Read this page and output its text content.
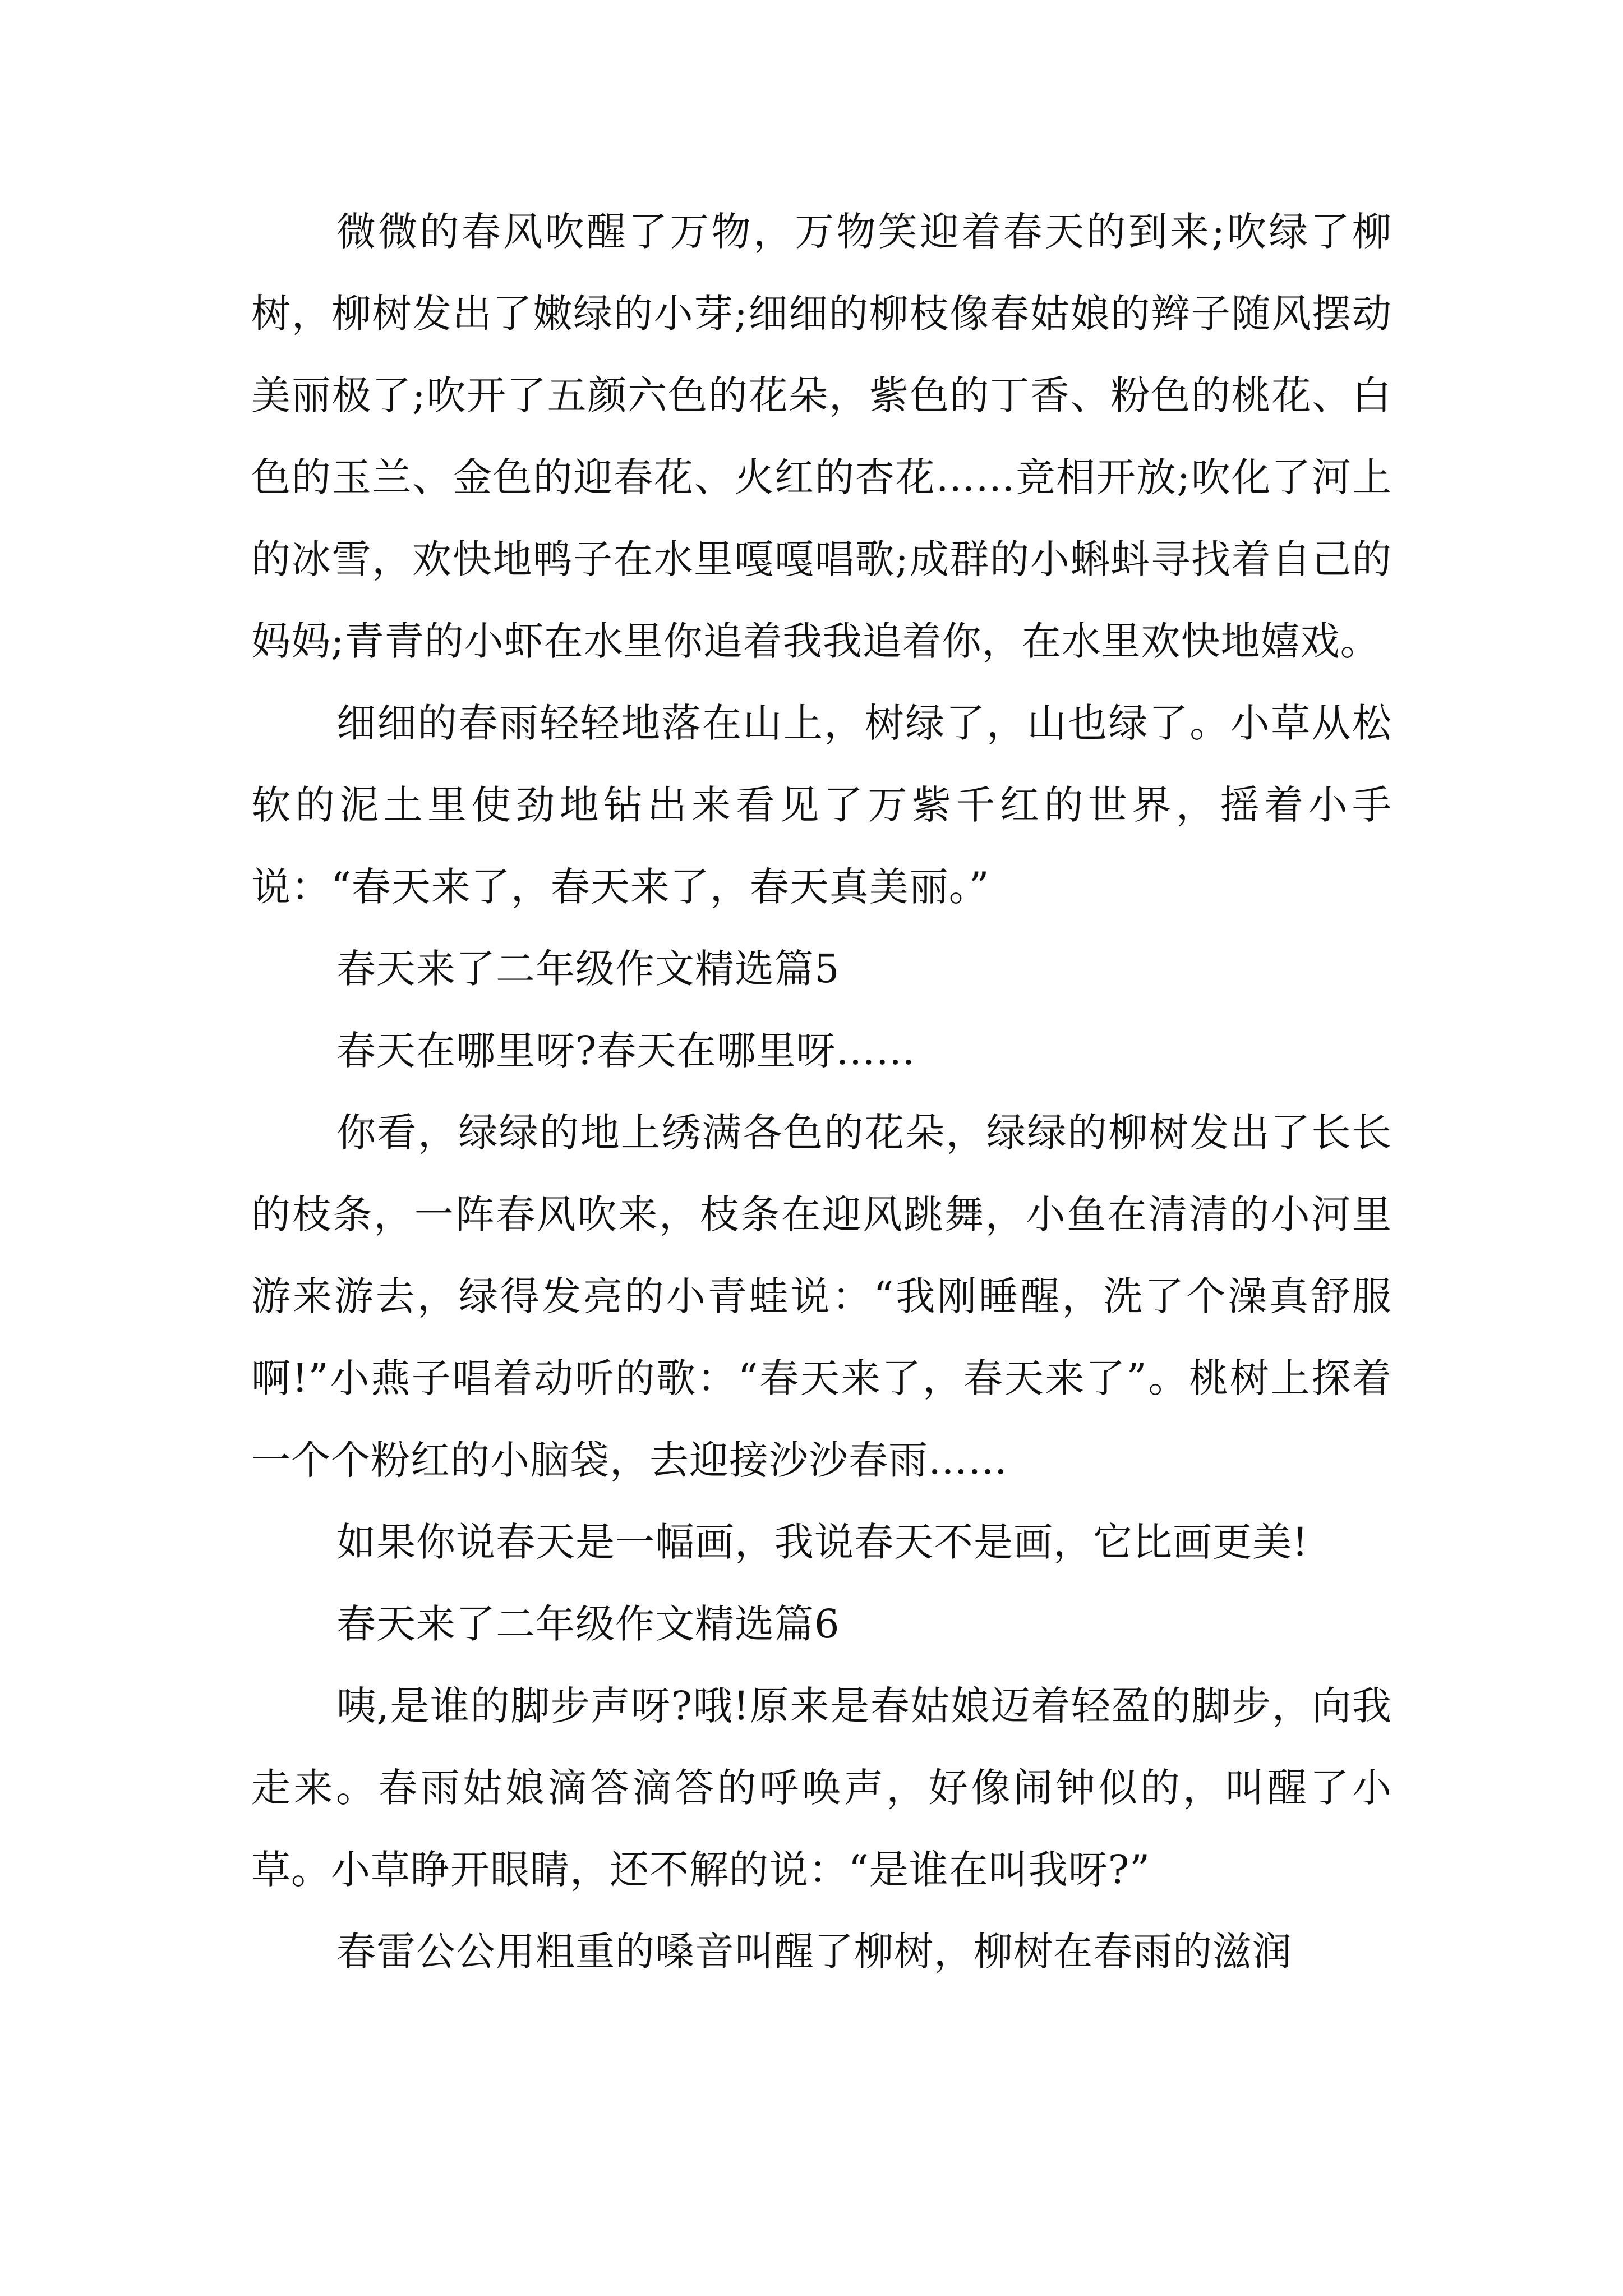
微微的春风吹醒了万物，万物笑迎着春天的到来;吹绿了柳树，柳树发出了嫩绿的小芽;细细的柳枝像春姑娘的辫子随风摆动美丽极了;吹开了五颜六色的花朵，紫色的丁香、粉色的桃花、白色的玉兰、金色的迎春花、火红的杏花……竞相开放;吹化了河上的冰雪，欢快地鸭子在水里嘎嘎唱歌;成群的小蝌蚪寻找着自己的妈妈;青青的小虾在水里你追着我我追着你，在水里欢快地嬉戏。

细细的春雨轻轻地落在山上，树绿了，山也绿了。小草从松软的泥土里使劲地钻出来看见了万紫千红的世界，摇着小手说：“春天来了，春天来了，春天真美丽。”

春天来了二年级作文精选篇5

春天在哪里呀?春天在哪里呀……

你看，绿绿的地上绣满各色的花朵，绿绿的柳树发出了长长的枝条，一阵春风吹来，枝条在迎风跳舞，小鱼在清清的小河里游来游去，绿得发亮的小青蛙说：“我刚睡醒，洗了个澡真舒服啊!”小燕子唱着动听的歌：“春天来了，春天来了”。桃树上探着一个个粉红的小脑袋，去迎接沙沙春雨……

如果你说春天是一幅画，我说春天不是画，它比画更美!

春天来了二年级作文精选篇6

咦,是谁的脚步声呀?哦!原来是春姑娘迈着轻盈的脚步，向我走来。春雨姑娘滴答滴答的呼唤声，好像闹钟似的，叫醒了小草。小草睁开眼睛，还不解的说：“是谁在叫我呀?”

春雷公公用粗重的嗓音叫醒了柳树，柳树在春雨的滋润
